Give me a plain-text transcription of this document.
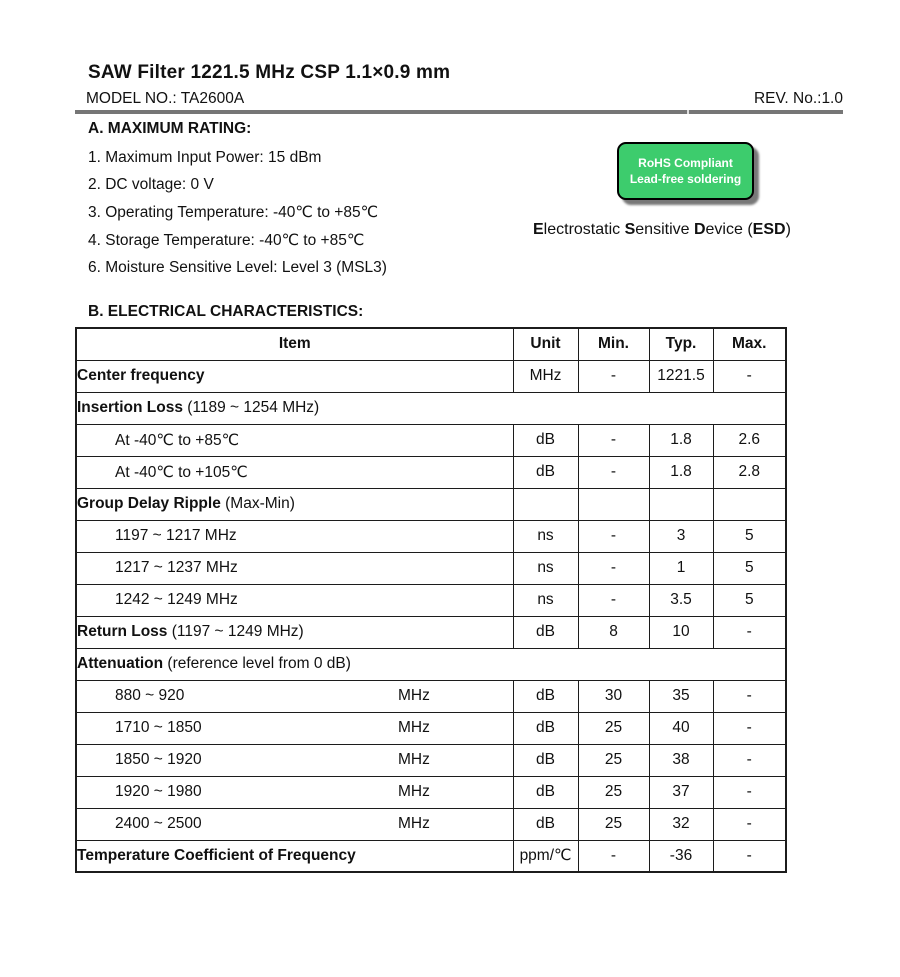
SAW Filter 1221.5 MHz CSP 1.1×0.9 mm
MODEL NO.: TA2600A	REV. No.:1.0
A. MAXIMUM RATING:
1. Maximum Input Power: 15 dBm
2. DC voltage: 0 V
3. Operating Temperature: -40℃ to +85℃
4. Storage Temperature: -40℃ to +85℃
6. Moisture Sensitive Level: Level 3 (MSL3)
RoHS Compliant
Lead-free soldering
Electrostatic Sensitive Device (ESD)
B. ELECTRICAL CHARACTERISTICS:
Item	Unit	Min.	Typ.	Max.
Center frequency	MHz	-	1221.5	-
Insertion Loss (1189 ~ 1254 MHz)				
At -40℃ to +85℃	dB	-	1.8	2.6
At -40℃ to +105℃	dB	-	1.8	2.8
Group Delay Ripple (Max-Min)				
1197 ~ 1217 MHz	ns	-	3	5
1217 ~ 1237 MHz	ns	-	1	5
1242 ~ 1249 MHz	ns	-	3.5	5
Return Loss (1197 ~ 1249 MHz)	dB	8	10	-
Attenuation (reference level from 0 dB)				
880 ~ 920 MHz	dB	30	35	-
1710 ~ 1850 MHz	dB	25	40	-
1850 ~ 1920 MHz	dB	25	38	-
1920 ~ 1980 MHz	dB	25	37	-
2400 ~ 2500 MHz	dB	25	32	-
Temperature Coefficient of Frequency	ppm/℃	-	-36	-
